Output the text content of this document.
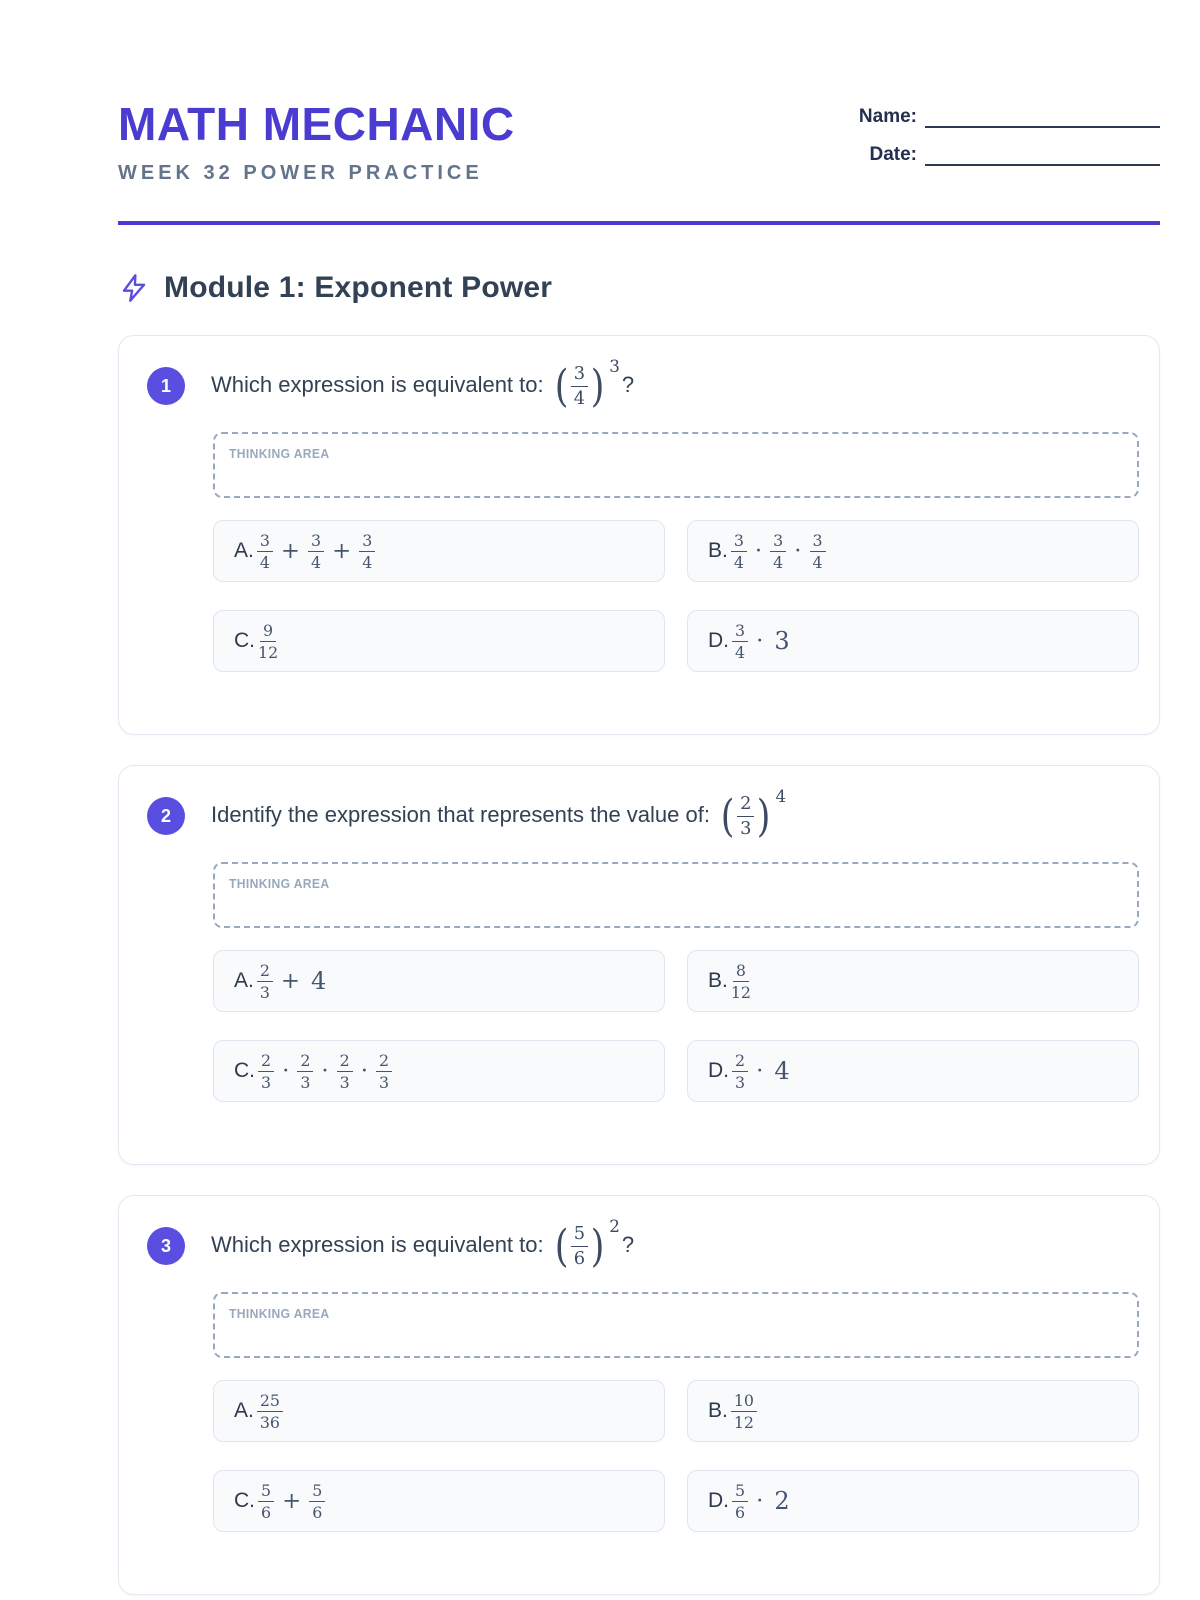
MATH MECHANIC
WEEK 32 POWER PRACTICE
Name:
Date:
Module 1: Exponent Power
1 Which expression is equivalent to: ( $\frac{3}{4}$ ) 3
?
THINKING AREA
A. $\frac{3}{4} + \frac{3}{4} + \frac{3}{4}$	B. $\frac{3}{4} \cdot \frac{3}{4} \cdot \frac{3}{4}$
C. $\frac{9}{12}$	D. $\frac{3}{4} \cdot 3$
2 Identify the expression that represents the value of: ( $\frac{2}{3}$ ) 4
THINKING AREA
A. $\frac{2}{3} + 4$	B. $\frac{8}{12}$
C. $\frac{2}{3} \cdot \frac{2}{3} \cdot \frac{2}{3} \cdot \frac{2}{3}$	D. $\frac{2}{3} \cdot 4$
3 Which expression is equivalent to: ( $\frac{5}{6}$ ) 2
?
THINKING AREA
A. $\frac{25}{36}$	B. $\frac{10}{12}$
C. $\frac{5}{6} + \frac{5}{6}$	D. $\frac{5}{6} \cdot 2$
